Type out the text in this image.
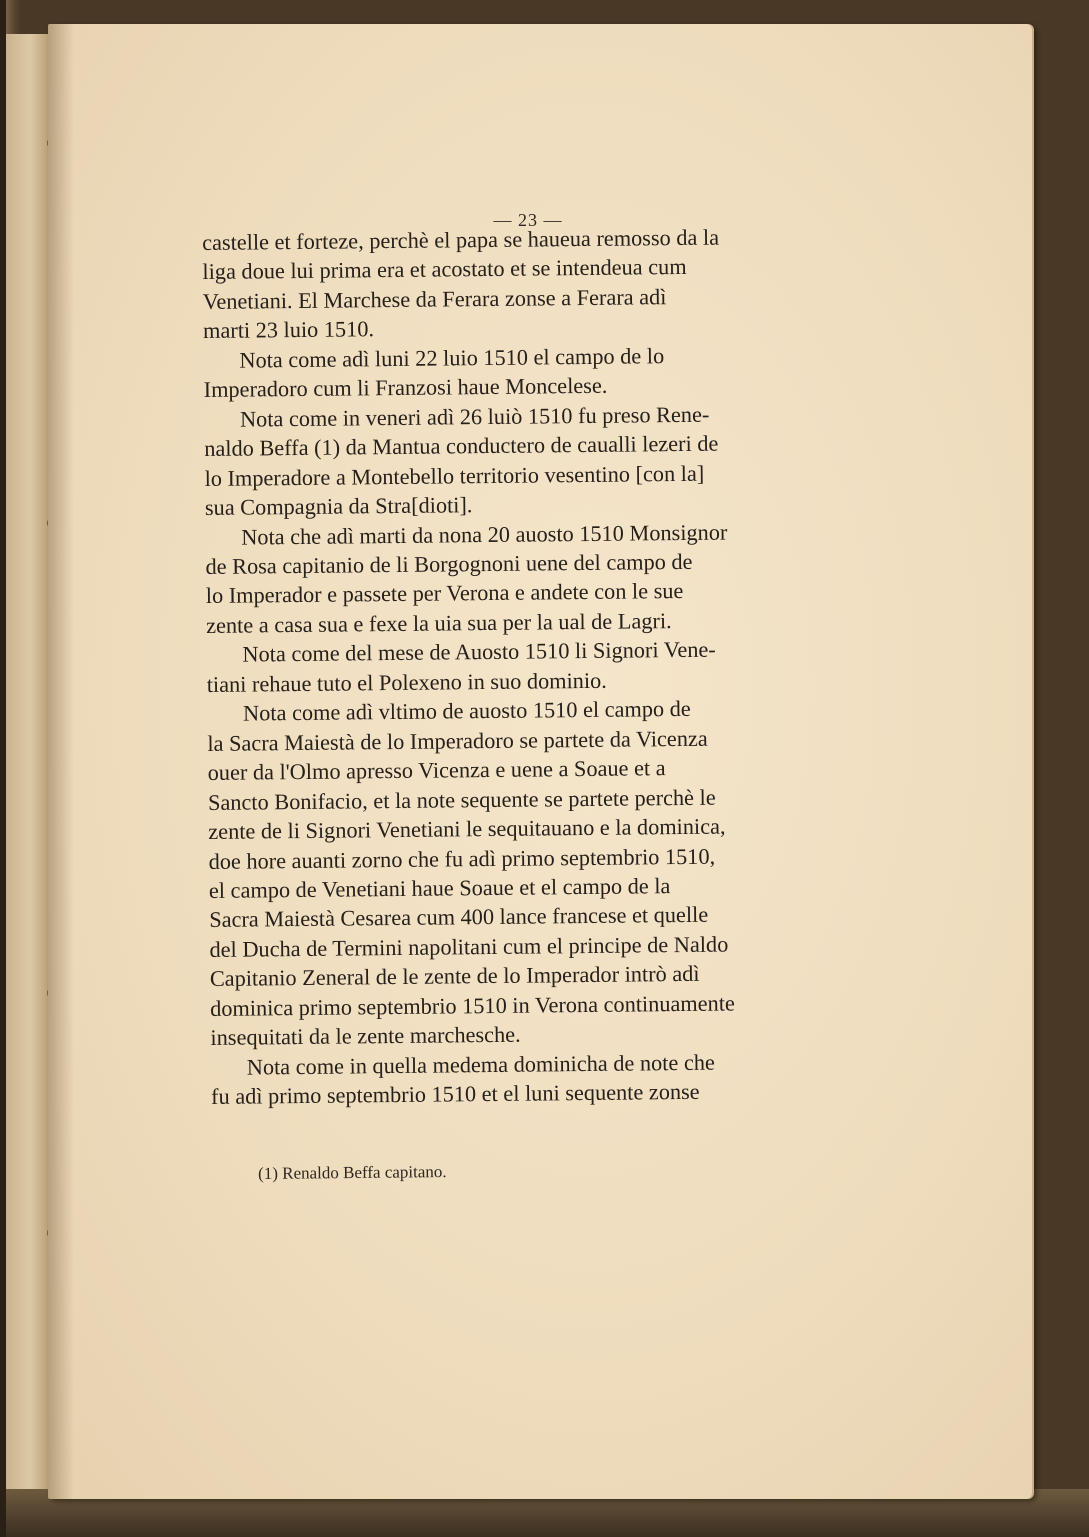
— 23 —

castelle et forteze, perchè el papa se haueua remosso da la
liga doue lui prima era et acostato et se intendeua cum
Venetiani. El Marchese da Ferara zonse a Ferara adì
marti 23 luio 1510.

Nota come adì luni 22 luio 1510 el campo de lo
Imperadoro cum li Franzosi haue Moncelese.

Nota come in veneri adì 26 luiò 1510 fu preso Rene-
naldo Beffa (1) da Mantua conductero de caualli lezeri de
lo Imperadore a Montebello territorio vesentino [con la]
sua Compagnia da Stra[dioti].

Nota che adì marti da nona 20 auosto 1510 Monsignor
de Rosa capitanio de li Borgognoni uene del campo de
lo Imperador e passete per Verona e andete con le sue
zente a casa sua e fexe la uia sua per la ual de Lagri.

Nota come del mese de Auosto 1510 li Signori Vene-
tiani rehaue tuto el Polexeno in suo dominio.

Nota come adì vltimo de auosto 1510 el campo de
la Sacra Maiestà de lo Imperadoro se partete da Vicenza
ouer da l'Olmo apresso Vicenza e uene a Soaue et a
Sancto Bonifacio, et la note sequente se partete perchè le
zente de li Signori Venetiani le sequitauano e la dominica,
doe hore auanti zorno che fu adì primo septembrio 1510,
el campo de Venetiani haue Soaue et el campo de la
Sacra Maiestà Cesarea cum 400 lance francese et quelle
del Ducha de Termini napolitani cum el principe de Naldo
Capitanio Zeneral de le zente de lo Imperador intrò adì
dominica primo septembrio 1510 in Verona continuamente
insequitati da le zente marchesche.

Nota come in quella medema dominicha de note che
fu adì primo septembrio 1510 et el luni sequente zonse

(1) Renaldo Beffa capitano.
